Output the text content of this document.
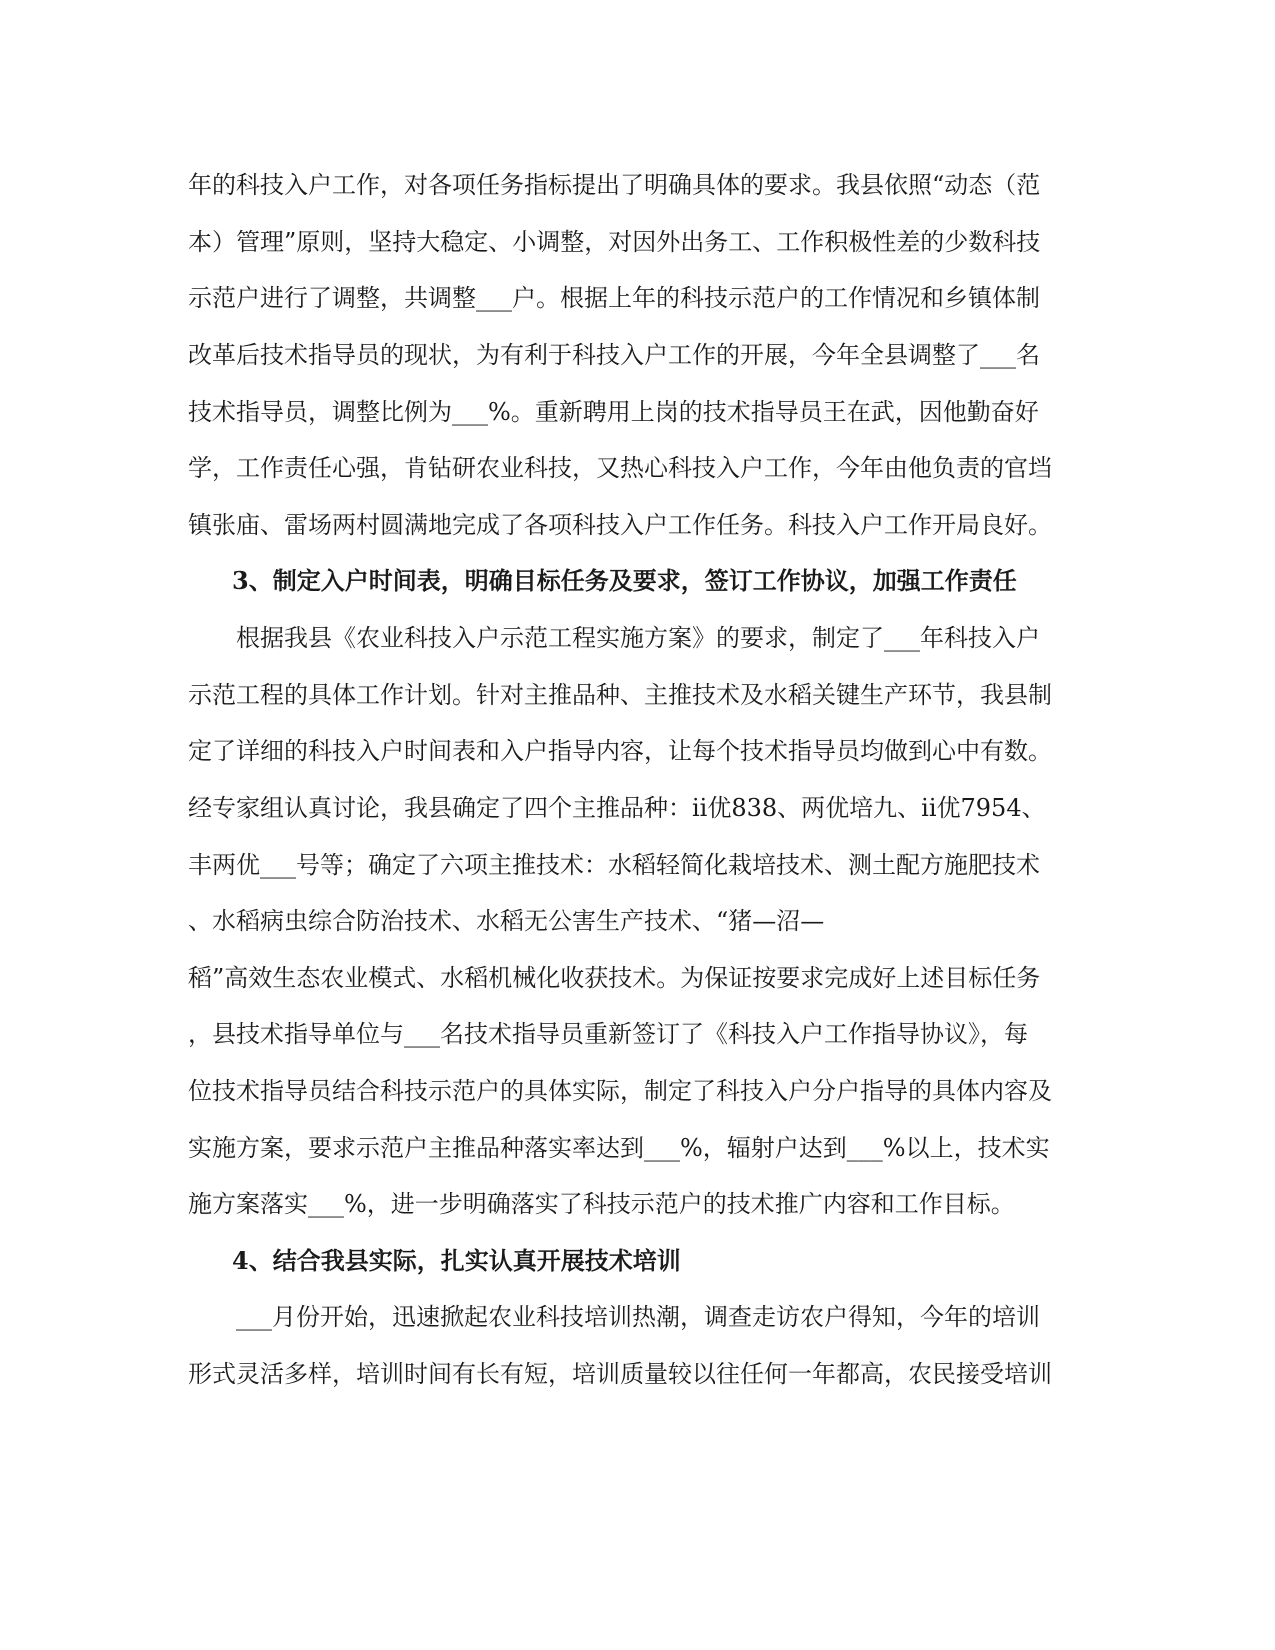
年的科技入户工作，对各项任务指标提出了明确具体的要求。我县依照“动态（范
本）管理”原则，坚持大稳定、小调整，对因外出务工、工作积极性差的少数科技
示范户进行了调整，共调整___户。根据上年的科技示范户的工作情况和乡镇体制
改革后技术指导员的现状，为有利于科技入户工作的开展，今年全县调整了___名
技术指导员，调整比例为___%。重新聘用上岗的技术指导员王在武，因他勤奋好
学，工作责任心强，肯钻研农业科技，又热心科技入户工作，今年由他负责的官垱
镇张庙、雷场两村圆满地完成了各项科技入户工作任务。科技入户工作开局良好。
3、制定入户时间表，明确目标任务及要求，签订工作协议，加强工作责任
根据我县《农业科技入户示范工程实施方案》的要求，制定了___年科技入户
示范工程的具体工作计划。针对主推品种、主推技术及水稻关键生产环节，我县制
定了详细的科技入户时间表和入户指导内容，让每个技术指导员均做到心中有数。
经专家组认真讨论，我县确定了四个主推品种：ii优838、两优培九、ii优7954、
丰两优___号等；确定了六项主推技术：水稻轻简化栽培技术、测土配方施肥技术
、水稻病虫综合防治技术、水稻无公害生产技术、“猪—沼—
稻”高效生态农业模式、水稻机械化收获技术。为保证按要求完成好上述目标任务
，县技术指导单位与___名技术指导员重新签订了《科技入户工作指导协议》，每
位技术指导员结合科技示范户的具体实际，制定了科技入户分户指导的具体内容及
实施方案，要求示范户主推品种落实率达到___%，辐射户达到___%以上，技术实
施方案落实___%，进一步明确落实了科技示范户的技术推广内容和工作目标。
4、结合我县实际，扎实认真开展技术培训
___月份开始，迅速掀起农业科技培训热潮，调查走访农户得知，今年的培训
形式灵活多样，培训时间有长有短，培训质量较以往任何一年都高，农民接受培训
